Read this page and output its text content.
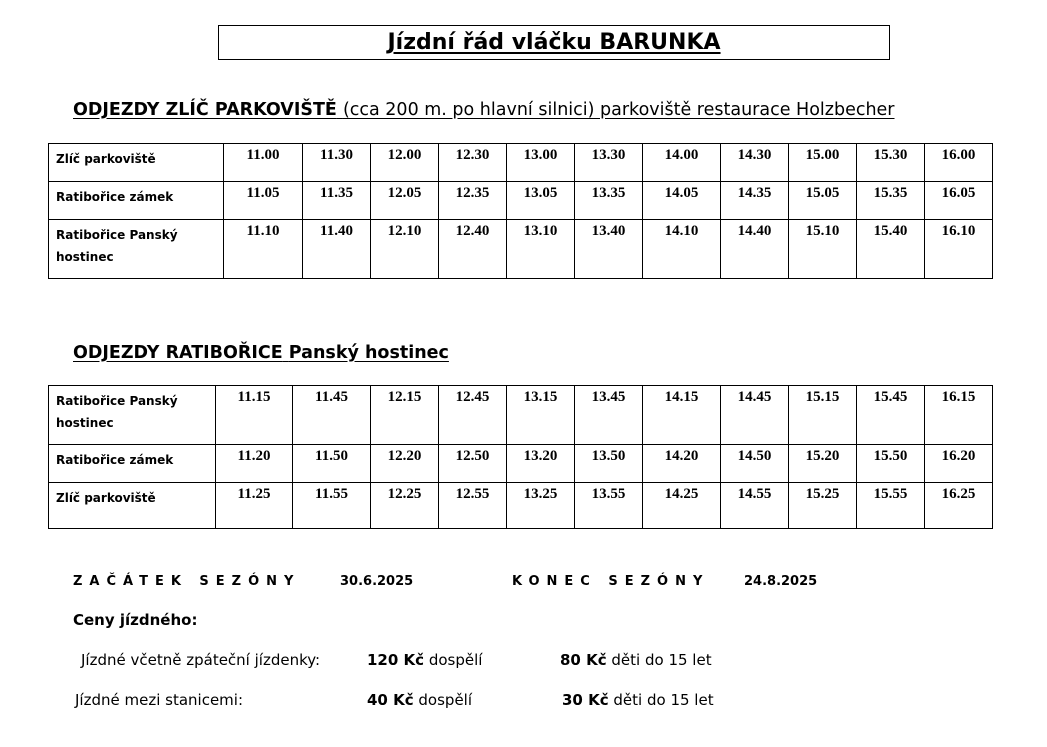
Jízdní řád vláčku BARUNKA
ODJEZDY ZLÍČ PARKOVIŠTĚ (cca 200 m. po hlavní silnici) parkoviště restaurace Holzbecher
Zlíč parkoviště	11.00	11.30	12.00	12.30	13.00	13.30	14.00	14.30	15.00	15.30	16.00
Ratibořice zámek	11.05	11.35	12.05	12.35	13.05	13.35	14.05	14.35	15.05	15.35	16.05
Ratibořice Panský
hostinec	11.10	11.40	12.10	12.40	13.10	13.40	14.10	14.40	15.10	15.40	16.10
ODJEZDY RATIBOŘICE Panský hostinec
Ratibořice Panský
hostinec	11.15	11.45	12.15	12.45	13.15	13.45	14.15	14.45	15.15	15.45	16.15
Ratibořice zámek	11.20	11.50	12.20	12.50	13.20	13.50	14.20	14.50	15.20	15.50	16.20
Zlíč parkoviště	11.25	11.55	12.25	12.55	13.25	13.55	14.25	14.55	15.25	15.55	16.25
ZAČÁTEK SEZÓNY	30.6.2025	KONEC SEZÓNY	24.8.2025
Ceny jízdného:
Jízdné včetně zpáteční jízdenky:	120 Kč dospělí	80 Kč děti do 15 let
Jízdné mezi stanicemi:	40 Kč dospělí	30 Kč děti do 15 let
